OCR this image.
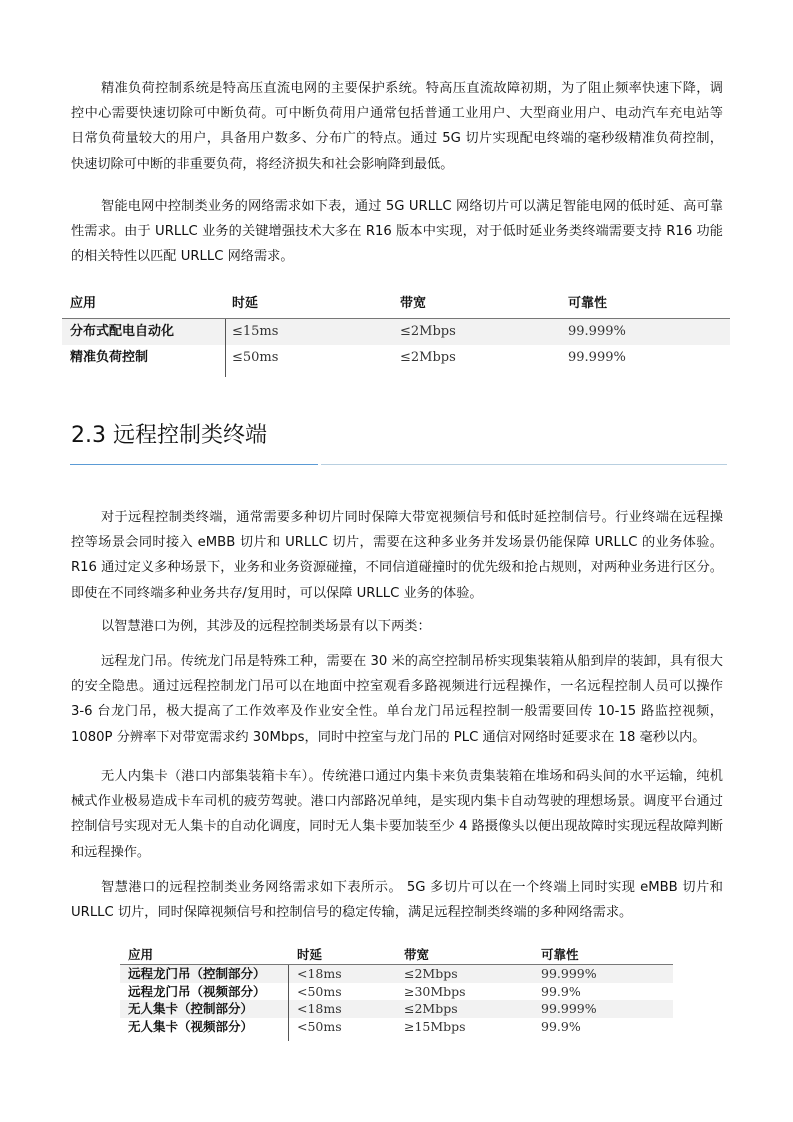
精准负荷控制系统是特高压直流电网的主要保护系统。特高压直流故障初期，为了阻止频率快速下降，调
控中心需要快速切除可中断负荷。可中断负荷用户通常包括普通工业用户、大型商业用户、电动汽车充电站等
日常负荷量较大的用户，具备用户数多、分布广的特点。通过 5G 切片实现配电终端的毫秒级精准负荷控制，
快速切除可中断的非重要负荷，将经济损失和社会影响降到最低。
智能电网中控制类业务的网络需求如下表，通过 5G URLLC 网络切片可以满足智能电网的低时延、高可靠
性需求。由于 URLLC 业务的关键增强技术大多在 R16 版本中实现，对于低时延业务类终端需要支持 R16 功能
的相关特性以匹配 URLLC 网络需求。
应用	时延	带宽	可靠性
分布式配电自动化	≤15ms	≤2Mbps	99.999%
精准负荷控制	≤50ms	≤2Mbps	99.999%
2.3 远程控制类终端
对于远程控制类终端，通常需要多种切片同时保障大带宽视频信号和低时延控制信号。行业终端在远程操
控等场景会同时接入 eMBB 切片和 URLLC 切片，需要在这种多业务并发场景仍能保障 URLLC 的业务体验。
R16 通过定义多种场景下，业务和业务资源碰撞，不同信道碰撞时的优先级和抢占规则，对两种业务进行区分。
即使在不同终端多种业务共存/复用时，可以保障 URLLC 业务的体验。
以智慧港口为例，其涉及的远程控制类场景有以下两类：
远程龙门吊。传统龙门吊是特殊工种，需要在 30 米的高空控制吊桥实现集装箱从船到岸的装卸，具有很大
的安全隐患。通过远程控制龙门吊可以在地面中控室观看多路视频进行远程操作，一名远程控制人员可以操作
3-6 台龙门吊，极大提高了工作效率及作业安全性。单台龙门吊远程控制一般需要回传 10-15 路监控视频，
1080P 分辨率下对带宽需求约 30Mbps，同时中控室与龙门吊的 PLC 通信对网络时延要求在 18 毫秒以内。
无人内集卡（港口内部集装箱卡车）。传统港口通过内集卡来负责集装箱在堆场和码头间的水平运输，纯机
械式作业极易造成卡车司机的疲劳驾驶。港口内部路况单纯，是实现内集卡自动驾驶的理想场景。调度平台通过
控制信号实现对无人集卡的自动化调度，同时无人集卡要加装至少 4 路摄像头以便出现故障时实现远程故障判断
和远程操作。
智慧港口的远程控制类业务网络需求如下表所示。 5G 多切片可以在一个终端上同时实现 eMBB 切片和
URLLC 切片，同时保障视频信号和控制信号的稳定传输，满足远程控制类终端的多种网络需求。
应用	时延	带宽	可靠性
远程龙门吊（控制部分）	<18ms	≤2Mbps	99.999%
远程龙门吊（视频部分）	<50ms	≥30Mbps	99.9%
无人集卡（控制部分）	<18ms	≤2Mbps	99.999%
无人集卡（视频部分）	<50ms	≥15Mbps	99.9%
